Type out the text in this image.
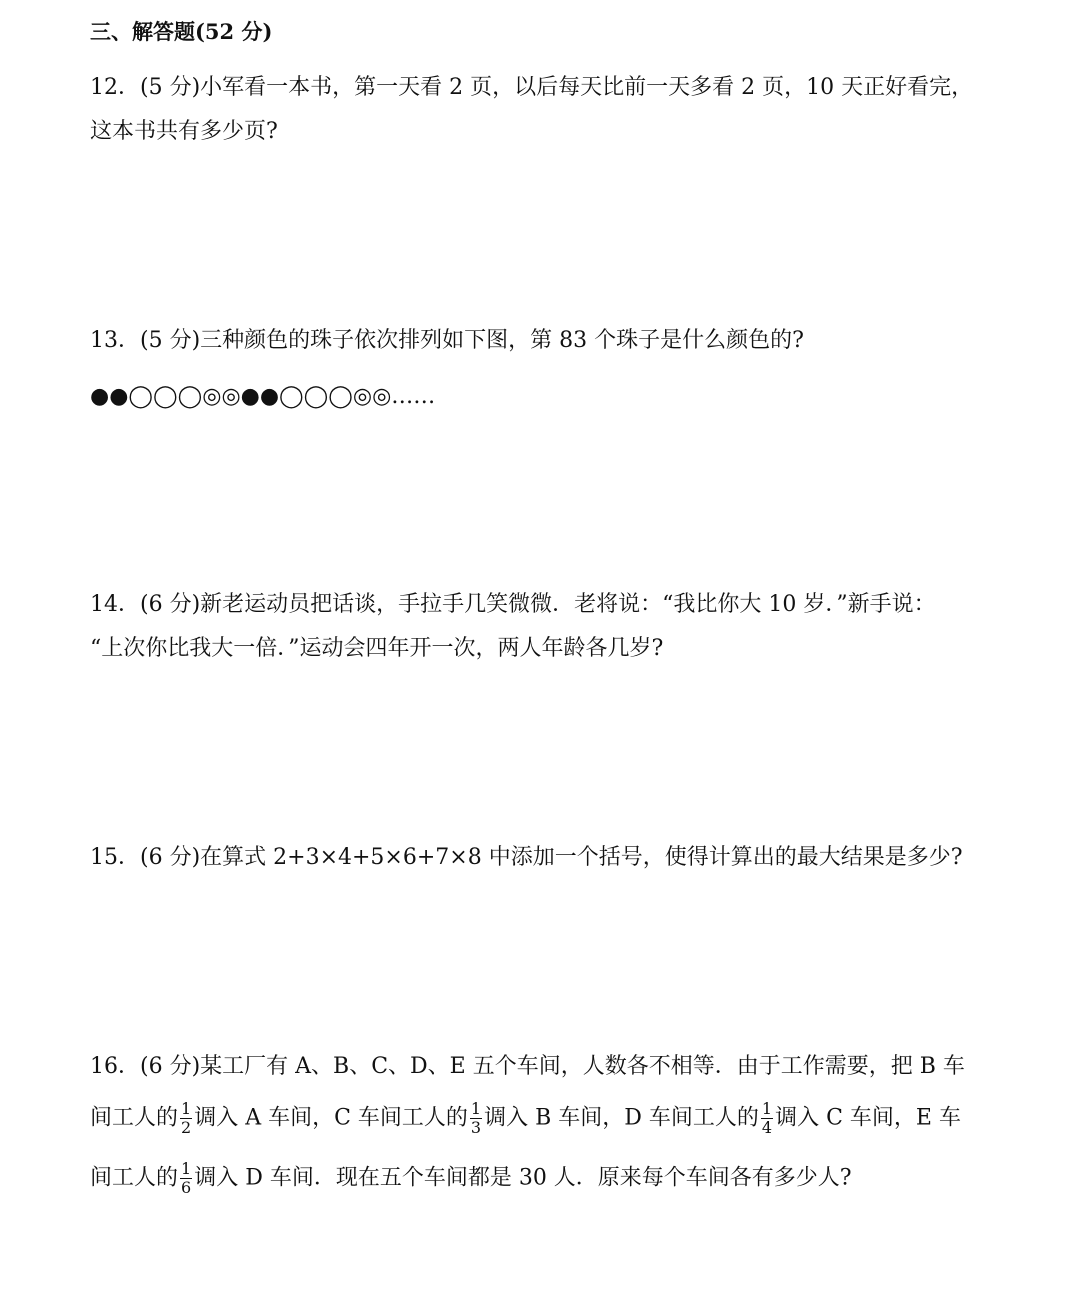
三、解答题(52 分)
12．(5 分)小军看一本书，第一天看 2 页，以后每天比前一天多看 2 页，10 天正好看完，
这本书共有多少页?
13．(5 分)三种颜色的珠子依次排列如下图，第 83 个珠子是什么颜色的?
●●◯◯◯◎◎●●◯◯◯◎◎……
14．(6 分)新老运动员把话谈，手拉手几笑微微．老将说：“我比你大 10 岁．”新手说：
“上次你比我大一倍．”运动会四年开一次，两人年龄各几岁?
15．(6 分)在算式 2+3×4+5×6+7×8 中添加一个括号，使得计算出的最大结果是多少?
16．(6 分)某工厂有 A、B、C、D、E 五个车间，人数各不相等．由于工作需要，把 B 车
间工人的 $\frac{1}{2}$ 调入 A 车间，C 车间工人的 $\frac{1}{3}$ 调入 B 车间，D 车间工人的 $\frac{1}{4}$ 调入 C 车间，E 车
间工人的 $\frac{1}{6}$ 调入 D 车间．现在五个车间都是 30 人．原来每个车间各有多少人?
